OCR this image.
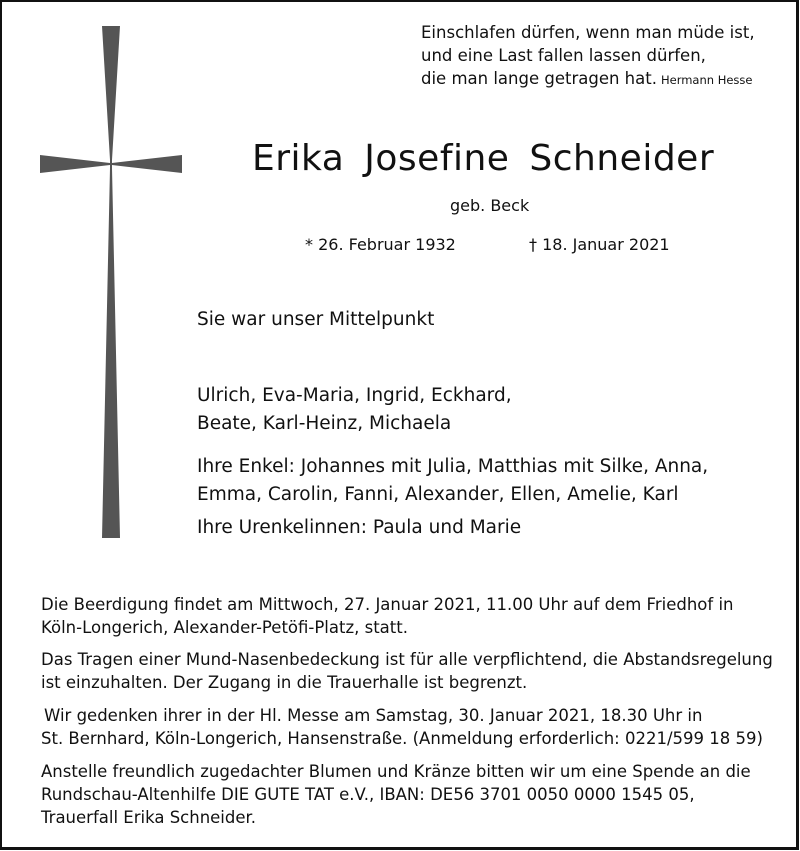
Einschlafen dürfen, wenn man müde ist,
und eine Last fallen lassen dürfen,
die man lange getragen hat. Hermann Hesse
Erika Josefine Schneider
geb. Beck
* 26. Februar 1932	† 18. Januar 2021
Sie war unser Mittelpunkt
Ulrich, Eva-Maria, Ingrid, Eckhard,
Beate, Karl-Heinz, Michaela
Ihre Enkel: Johannes mit Julia, Matthias mit Silke, Anna,
Emma, Carolin, Fanni, Alexander, Ellen, Amelie, Karl
Ihre Urenkelinnen: Paula und Marie
Die Beerdigung findet am Mittwoch, 27. Januar 2021, 11.00 Uhr auf dem Friedhof in
Köln-Longerich, Alexander-Petöfi-Platz, statt.
Das Tragen einer Mund-Nasenbedeckung ist für alle verpflichtend, die Abstandsregelung
ist einzuhalten. Der Zugang in die Trauerhalle ist begrenzt.
Wir gedenken ihrer in der Hl. Messe am Samstag, 30. Januar 2021, 18.30 Uhr in
St. Bernhard, Köln-Longerich, Hansenstraße. (Anmeldung erforderlich: 0221/599 18 59)
Anstelle freundlich zugedachter Blumen und Kränze bitten wir um eine Spende an die
Rundschau-Altenhilfe DIE GUTE TAT e.V., IBAN: DE56 3701 0050 0000 1545 05,
Trauerfall Erika Schneider.
